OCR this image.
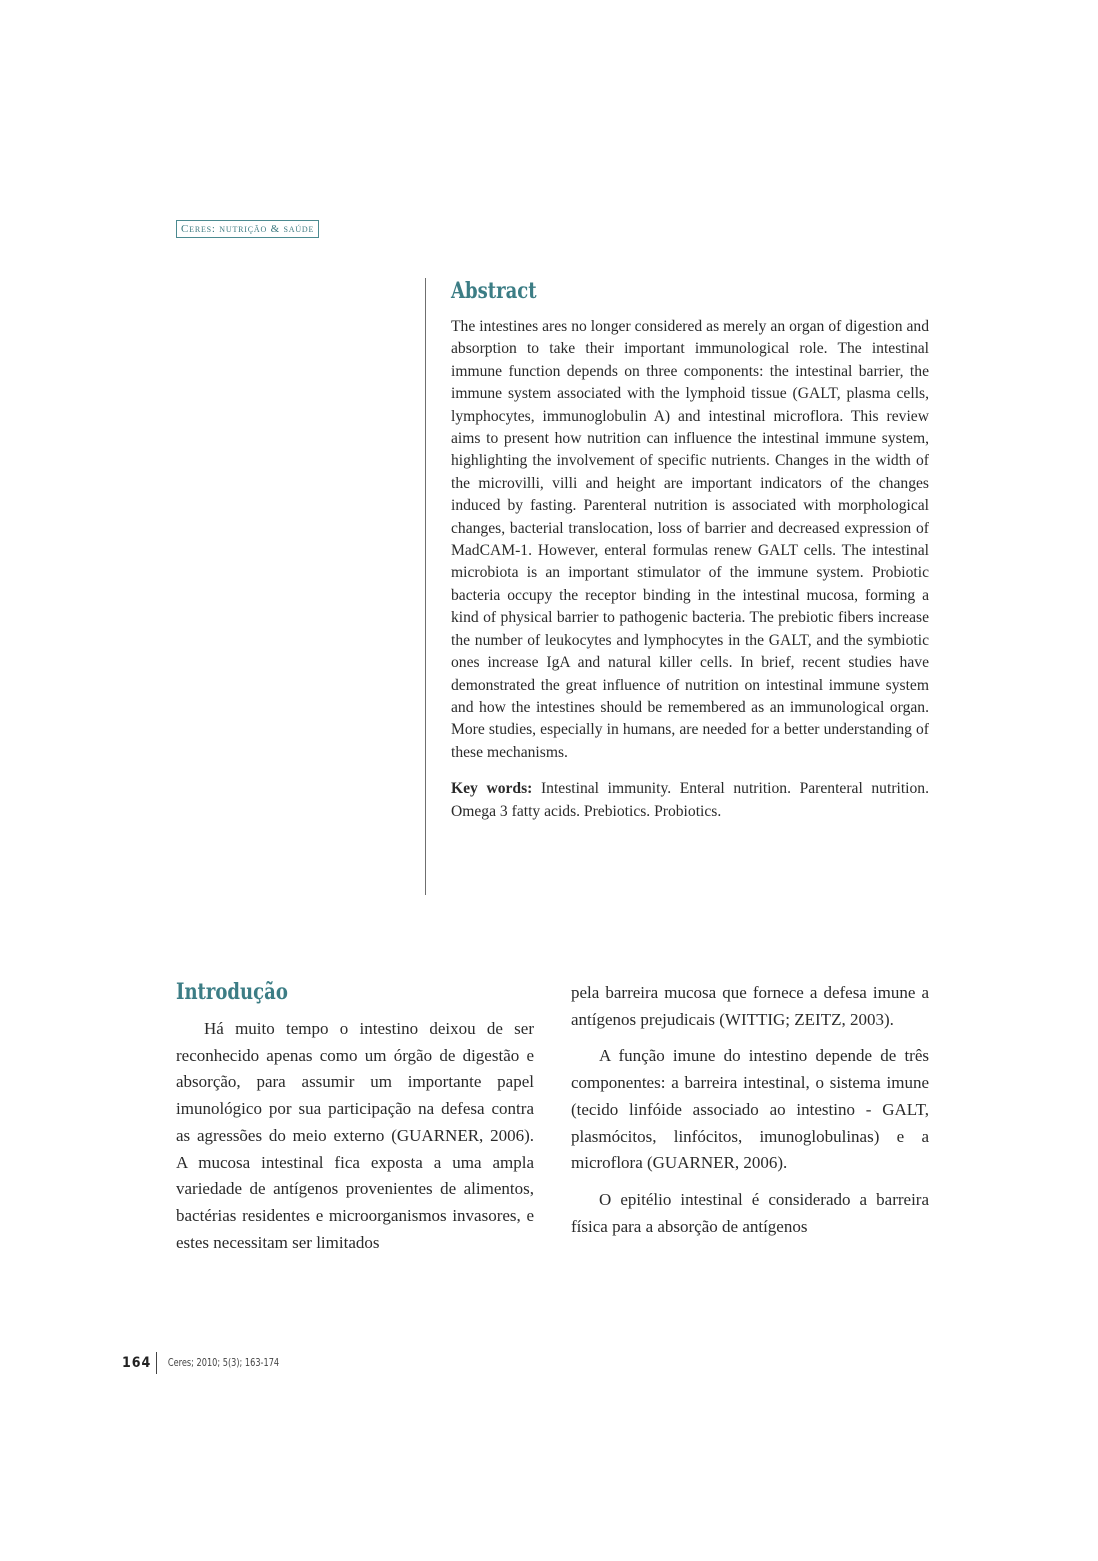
Ceres: nutrição & saúde
Abstract
The intestines ares no longer considered as merely an organ of digestion and absorption to take their important immunological role. The intestinal immune function depends on three components: the intestinal barrier, the immune system associated with the lymphoid tissue (GALT, plasma cells, lymphocytes, immunoglobulin A) and intestinal microflora. This review aims to present how nutrition can influence the intestinal immune system, highlighting the involvement of specific nutrients. Changes in the width of the microvilli, villi and height are important indicators of the changes induced by fasting. Parenteral nutrition is associated with morphological changes, bacterial translocation, loss of barrier and decreased expression of MadCAM-1. However, enteral formulas renew GALT cells. The intestinal microbiota is an important stimulator of the immune system. Probiotic bacteria occupy the receptor binding in the intestinal mucosa, forming a kind of physical barrier to pathogenic bacteria. The prebiotic fibers increase the number of leukocytes and lymphocytes in the GALT, and the symbiotic ones increase IgA and natural killer cells. In brief, recent studies have demonstrated the great influence of nutrition on intestinal immune system and how the intestines should be remembered as an immunological organ. More studies, especially in humans, are needed for a better understanding of these mechanisms.
Key words: Intestinal immunity. Enteral nutrition. Parenteral nutrition. Omega 3 fatty acids. Prebiotics. Probiotics.
Introdução

Há muito tempo o intestino deixou de ser reconhecido apenas como um órgão de digestão e absorção, para assumir um importante papel imunológico por sua participação na defesa contra as agressões do meio externo (GUARNER, 2006). A mucosa intestinal fica exposta a uma ampla variedade de antígenos provenientes de alimentos, bactérias residentes e microorganismos invasores, e estes necessitam ser limitados

pela barreira mucosa que fornece a defesa imune a antígenos prejudicais (WITTIG; ZEITZ, 2003).

A função imune do intestino depende de três componentes: a barreira intestinal, o sistema imune (tecido linfóide associado ao intestino - GALT, plasmócitos, linfócitos, imunoglobulinas) e a microflora (GUARNER, 2006).

O epitélio intestinal é considerado a barreira física para a absorção de antígenos

164	Ceres; 2010; 5(3); 163-174
